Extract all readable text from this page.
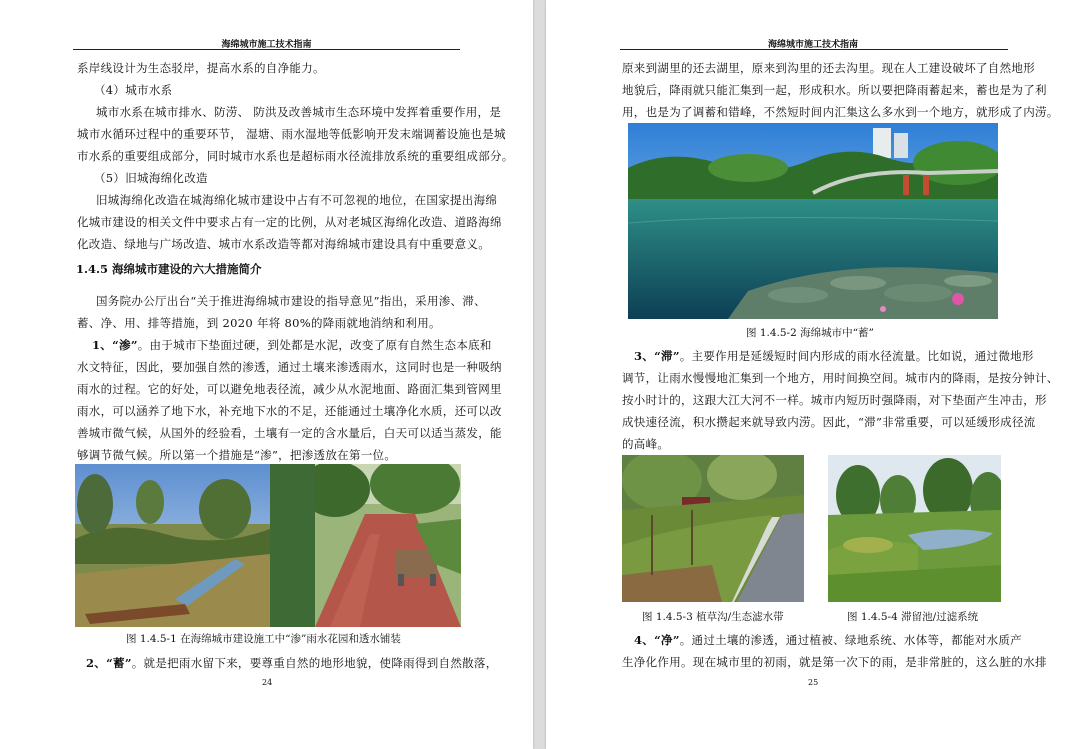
海绵城市施工技术指南
系岸线设计为生态驳岸，提高水系的自净能力。
（4）城市水系
城市水系在城市排水、防涝、 防洪及改善城市生态环境中发挥着重要作用，是
城市水循环过程中的重要环节， 湿塘、雨水湿地等低影响开发末端调蓄设施也是城
市水系的重要组成部分，同时城市水系也是超标雨水径流排放系统的重要组成部分。
（5）旧城海绵化改造
旧城海绵化改造在城海绵化城市建设中占有不可忽视的地位，在国家提出海绵
化城市建设的相关文件中要求占有一定的比例，从对老城区海绵化改造、道路海绵
化改造、绿地与广场改造、城市水系改造等都对海绵城市建设具有中重要意义。
1.4.5 海绵城市建设的六大措施简介
国务院办公厅出台“关于推进海绵城市建设的指导意见”指出，采用渗、滞、
蓄、净、用、排等措施，到 2020 年将 80%的降雨就地消纳和利用。
1、“渗”。由于城市下垫面过硬，到处都是水泥，改变了原有自然生态本底和
水文特征，因此，要加强自然的渗透，通过土壤来渗透雨水，这同时也是一种吸纳
雨水的过程。它的好处，可以避免地表径流，减少从水泥地面、路面汇集到管网里
雨水，可以涵养了地下水，补充地下水的不足，还能通过土壤净化水质，还可以改
善城市微气候，从国外的经验看，土壤有一定的含水量后，白天可以适当蒸发，能
够调节微气候。所以第一个措施是“渗”，把渗透放在第一位。
图 1.4.5-1 在海绵城市建设施工中“渗”雨水花园和透水铺装
2、“蓄”。就是把雨水留下来，要尊重自然的地形地貌，使降雨得到自然散落，
24
海绵城市施工技术指南
原来到湖里的还去湖里，原来到沟里的还去沟里。现在人工建设破坏了自然地形
地貌后，降雨就只能汇集到一起，形成积水。所以要把降雨蓄起来，蓄也是为了利
用，也是为了调蓄和错峰，不然短时间内汇集这么多水到一个地方，就形成了内涝。
图 1.4.5-2 海绵城市中“蓄”
3、“滞”。主要作用是延缓短时间内形成的雨水径流量。比如说，通过微地形
调节，让雨水慢慢地汇集到一个地方，用时间换空间。城市内的降雨，是按分钟计、
按小时计的，这跟大江大河不一样。城市内短历时强降雨，对下垫面产生冲击，形
成快速径流，积水攒起来就导致内涝。因此，“滞”非常重要，可以延缓形成径流
的高峰。
图 1.4.5-3 植草沟/生态滤水带	图 1.4.5-4 滞留池/过滤系统
4、“净”。通过土壤的渗透，通过植被、绿地系统、水体等，都能对水质产
生净化作用。现在城市里的初雨，就是第一次下的雨，是非常脏的，这么脏的水排
25
